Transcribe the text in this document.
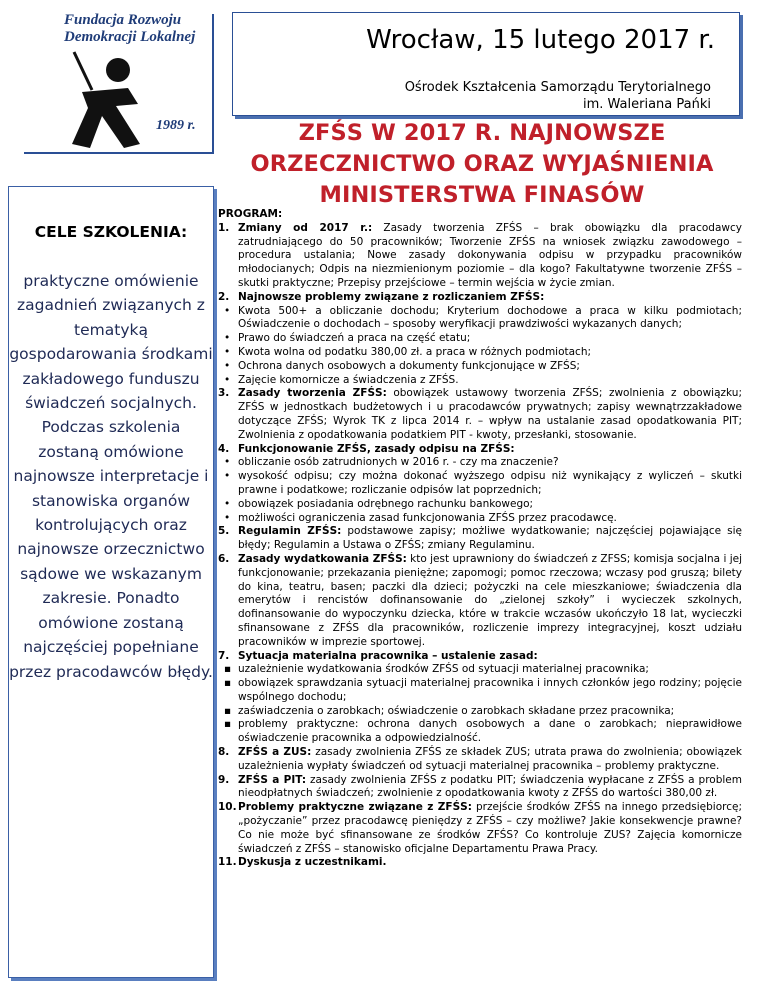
Fundacja Rozwoju
Demokracji Lokalnej
1989 r.
Wrocław, 15 lutego 2017 r.
Ośrodek Kształcenia Samorządu Terytorialnego
im. Waleriana Pańki
ZFŚS W 2017 R. NAJNOWSZE
ORZECZNICTWO ORAZ WYJAŚNIENIA
MINISTERSTWA FINASÓW
CELE SZKOLENIA:
praktyczne omówienie zagadnień związanych z tematyką gospodarowania środkami zakładowego funduszu świadczeń socjalnych. Podczas szkolenia zostaną omówione najnowsze interpretacje i stanowiska organów kontrolujących oraz najnowsze orzecznictwo sądowe we wskazanym zakresie. Ponadto omówione zostaną najczęściej popełniane przez pracodawców błędy.
PROGRAM:
1. Zmiany od 2017 r.: Zasady tworzenia ZFŚS – brak obowiązku dla pracodawcy zatrudniającego do 50 pracowników; Tworzenie ZFŚS na wniosek związku zawodowego – procedura ustalania; Nowe zasady dokonywania odpisu w przypadku pracowników młodocianych; Odpis na niezmienionym poziomie – dla kogo? Fakultatywne tworzenie ZFŚS – skutki praktyczne; Przepisy przejściowe – termin wejścia w życie zmian.
2. Najnowsze problemy związane z rozliczaniem ZFŚS:
• Kwota 500+ a obliczanie dochodu; Kryterium dochodowe a praca w kilku podmiotach; Oświadczenie o dochodach – sposoby weryfikacji prawdziwości wykazanych danych;
• Prawo do świadczeń a praca na część etatu;
• Kwota wolna od podatku 380,00 zł. a praca w różnych podmiotach;
• Ochrona danych osobowych a dokumenty funkcjonujące w ZFŚS;
• Zajęcie komornicze a świadczenia z ZFŚS.
3. Zasady tworzenia ZFŚS: obowiązek ustawowy tworzenia ZFŚS; zwolnienia z obowiązku; ZFŚS w jednostkach budżetowych i u pracodawców prywatnych; zapisy wewnątrzzakładowe dotyczące ZFŚS; Wyrok TK z lipca 2014 r. – wpływ na ustalanie zasad opodatkowania PIT; Zwolnienia z opodatkowania podatkiem PIT - kwoty, przesłanki, stosowanie.
4. Funkcjonowanie ZFŚS, zasady odpisu na ZFŚS:
• obliczanie osób zatrudnionych w 2016 r. - czy ma znaczenie?
• wysokość odpisu; czy można dokonać wyższego odpisu niż wynikający z wyliczeń – skutki prawne i podatkowe; rozliczanie odpisów lat poprzednich;
• obowiązek posiadania odrębnego rachunku bankowego;
• możliwości ograniczenia zasad funkcjonowania ZFŚS przez pracodawcę.
5. Regulamin ZFŚS: podstawowe zapisy; możliwe wydatkowanie; najczęściej pojawiające się błędy; Regulamin a Ustawa o ZFŚS; zmiany Regulaminu.
6. Zasady wydatkowania ZFŚS: kto jest uprawniony do świadczeń z ZFSS; komisja socjalna i jej funkcjonowanie; przekazania pieniężne; zapomogi; pomoc rzeczowa; wczasy pod gruszą; bilety do kina, teatru, basen; paczki dla dzieci; pożyczki na cele mieszkaniowe; świadczenia dla emerytów i rencistów dofinansowanie do „zielonej szkoły” i wycieczek szkolnych, dofinansowanie do wypoczynku dziecka, które w trakcie wczasów ukończyło 18 lat, wycieczki sfinansowane z ZFŚS dla pracowników, rozliczenie imprezy integracyjnej, koszt udziału pracowników w imprezie sportowej.
7. Sytuacja materialna pracownika – ustalenie zasad:
▪ uzależnienie wydatkowania środków ZFŚS od sytuacji materialnej pracownika;
▪ obowiązek sprawdzania sytuacji materialnej pracownika i innych członków jego rodziny; pojęcie wspólnego dochodu;
▪ zaświadczenia o zarobkach; oświadczenie o zarobkach składane przez pracownika;
▪ problemy praktyczne: ochrona danych osobowych a dane o zarobkach; nieprawidłowe oświadczenie pracownika a odpowiedzialność.
8. ZFŚS a ZUS: zasady zwolnienia ZFŚS ze składek ZUS; utrata prawa do zwolnienia; obowiązek uzależnienia wypłaty świadczeń od sytuacji materialnej pracownika – problemy praktyczne.
9. ZFŚS a PIT: zasady zwolnienia ZFŚS z podatku PIT; świadczenia wypłacane z ZFŚS a problem nieodpłatnych świadczeń; zwolnienie z opodatkowania kwoty z ZFŚS do wartości 380,00 zł.
10. Problemy praktyczne związane z ZFŚS: przejście środków ZFŚS na innego przedsiębiorcę; „pożyczanie” przez pracodawcę pieniędzy z ZFŚS – czy możliwe? Jakie konsekwencje prawne? Co nie może być sfinansowane ze środków ZFŚS? Co kontroluje ZUS? Zajęcia komornicze świadczeń z ZFŚS – stanowisko oficjalne Departamentu Prawa Pracy.
11. Dyskusja z uczestnikami.
